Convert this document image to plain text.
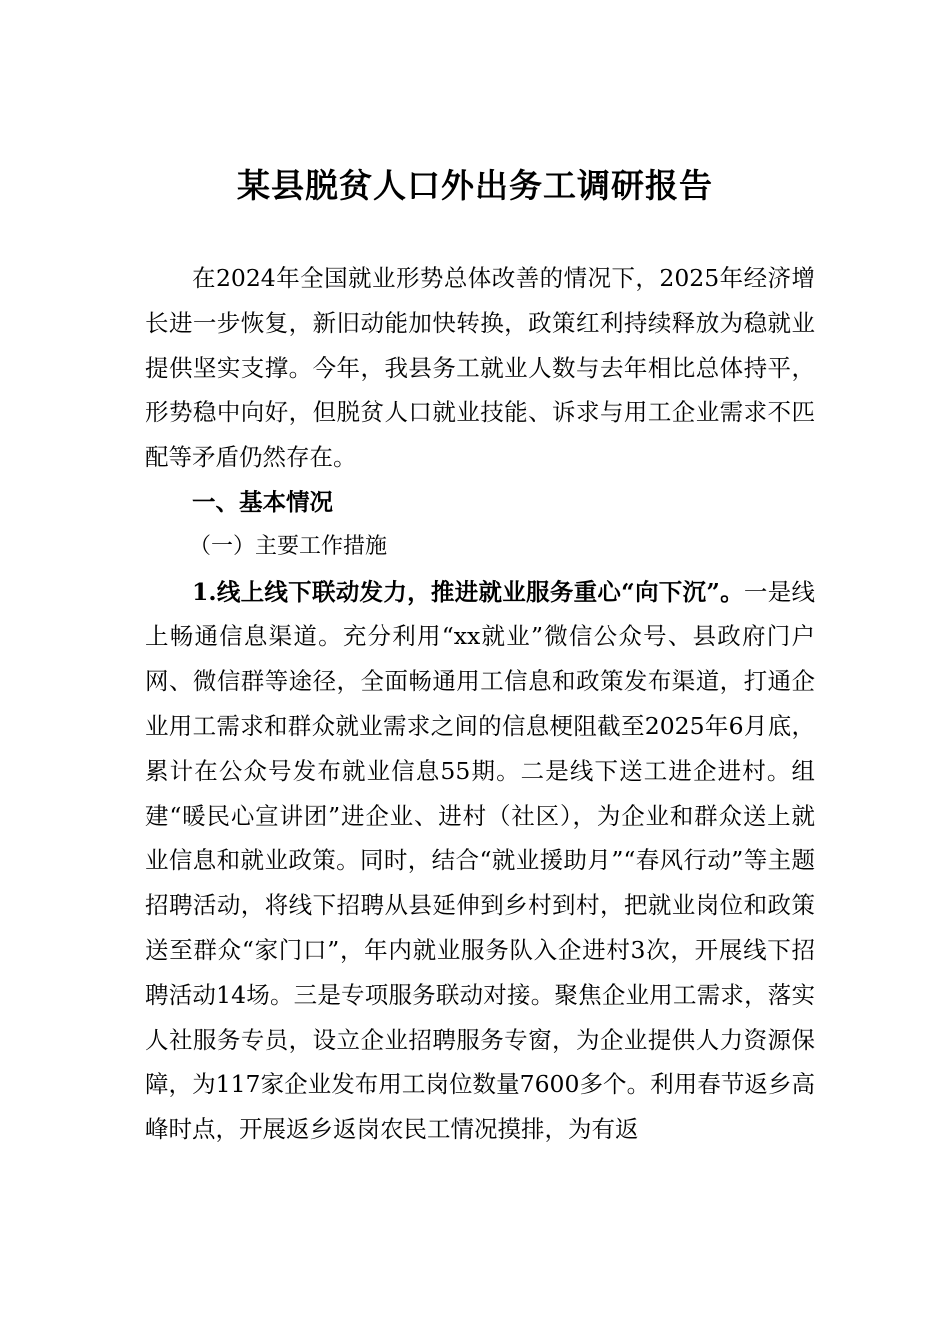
某县脱贫人口外出务工调研报告

在2024年全国就业形势总体改善的情况下，2025年经济增长进一步恢复，新旧动能加快转换，政策红利持续释放为稳就业提供坚实支撑。今年，我县务工就业人数与去年相比总体持平，形势稳中向好，但脱贫人口就业技能、诉求与用工企业需求不匹配等矛盾仍然存在。

一、基本情况

（一）主要工作措施

1.线上线下联动发力，推进就业服务重心“向下沉”。一是线上畅通信息渠道。充分利用“xx就业”微信公众号、县政府门户网、微信群等途径，全面畅通用工信息和政策发布渠道，打通企业用工需求和群众就业需求之间的信息梗阻截至2025年6月底，累计在公众号发布就业信息55期。二是线下送工进企进村。组建“暖民心宣讲团”进企业、进村（社区），为企业和群众送上就业信息和就业政策。同时，结合“就业援助月”“春风行动”等主题招聘活动，将线下招聘从县延伸到乡村到村，把就业岗位和政策送至群众“家门口”，年内就业服务队入企进村3次，开展线下招聘活动14场。三是专项服务联动对接。聚焦企业用工需求，落实人社服务专员，设立企业招聘服务专窗，为企业提供人力资源保障，为117家企业发布用工岗位数量7600多个。利用春节返乡高峰时点，开展返乡返岗农民工情况摸排，为有返
